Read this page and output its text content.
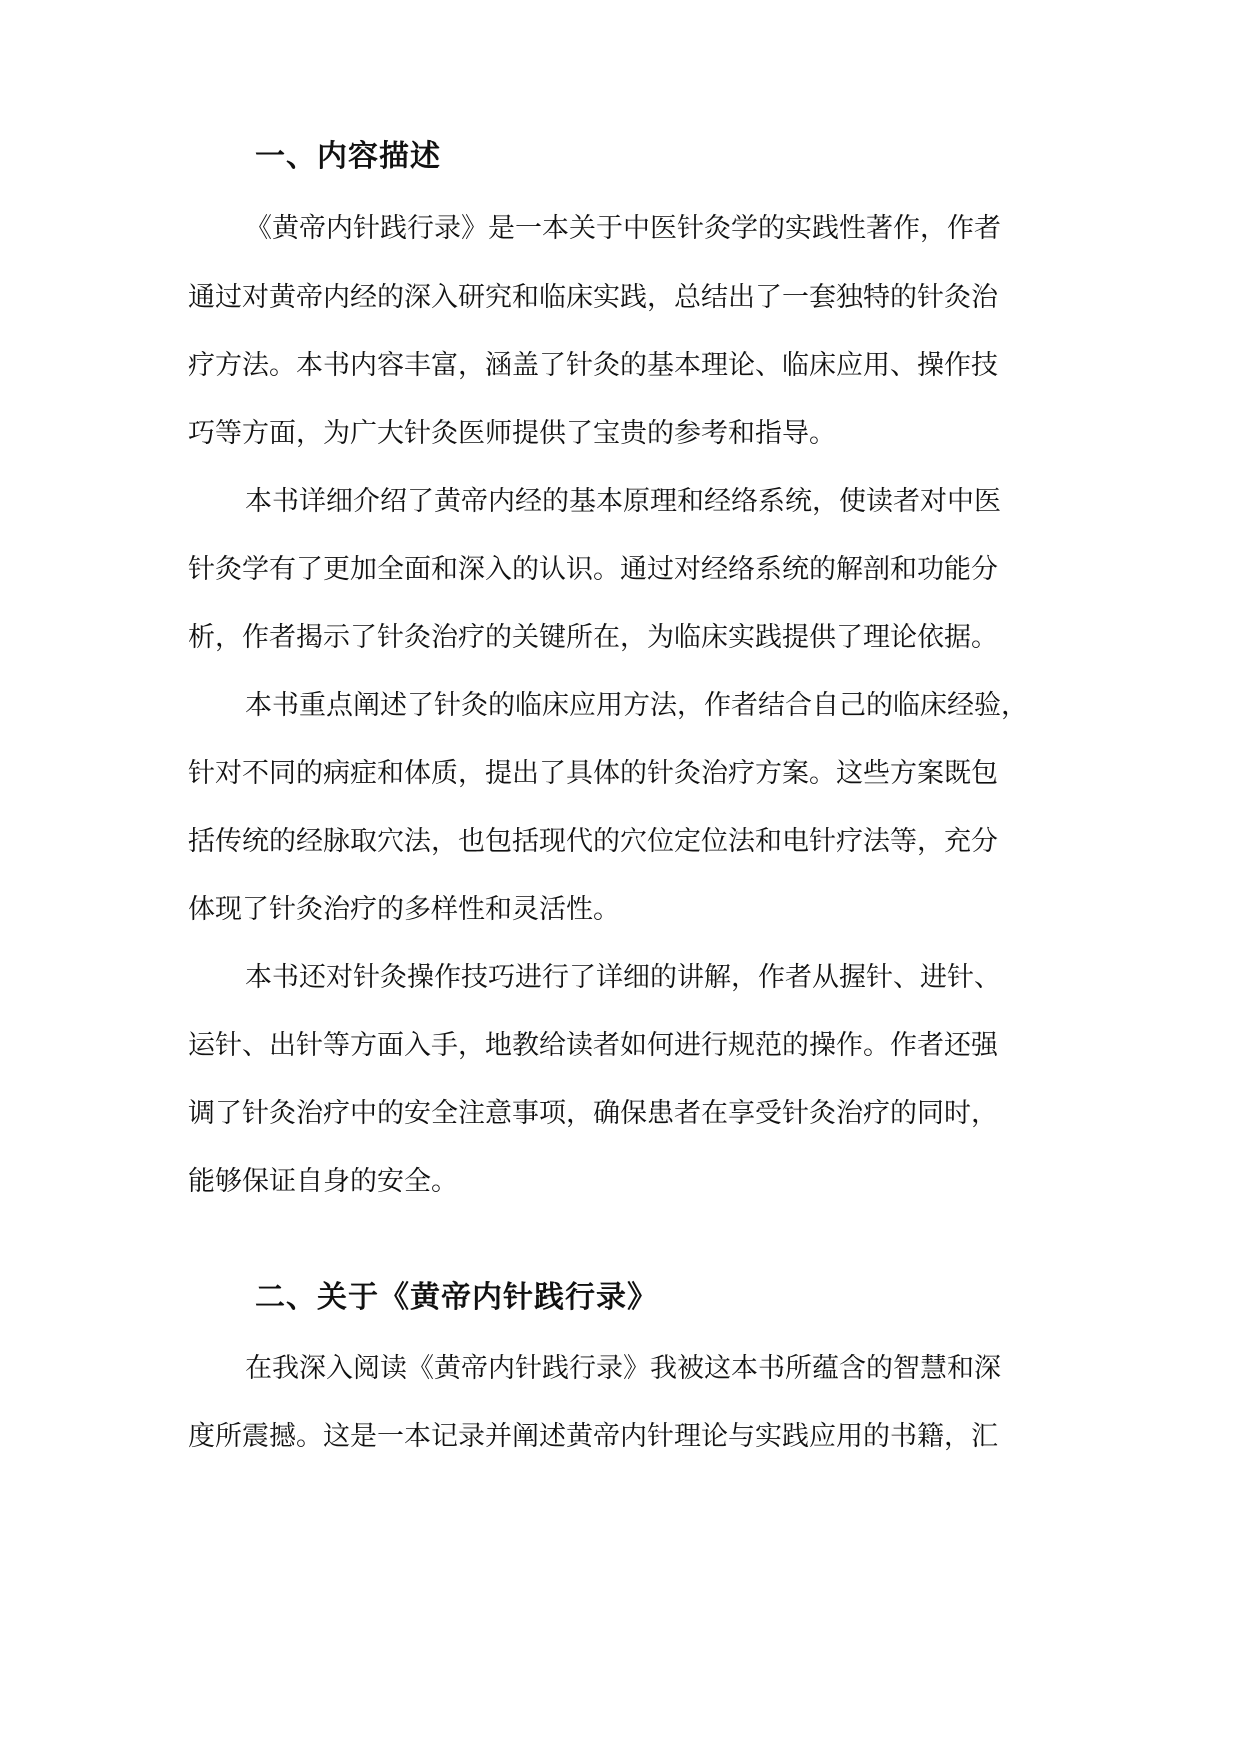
一、内容描述
《黄帝内针践行录》是一本关于中医针灸学的实践性著作，作者
通过对黄帝内经的深入研究和临床实践，总结出了一套独特的针灸治
疗方法。本书内容丰富，涵盖了针灸的基本理论、临床应用、操作技
巧等方面，为广大针灸医师提供了宝贵的参考和指导。
本书详细介绍了黄帝内经的基本原理和经络系统，使读者对中医
针灸学有了更加全面和深入的认识。通过对经络系统的解剖和功能分
析，作者揭示了针灸治疗的关键所在，为临床实践提供了理论依据。
本书重点阐述了针灸的临床应用方法，作者结合自己的临床经验，
针对不同的病症和体质，提出了具体的针灸治疗方案。这些方案既包
括传统的经脉取穴法，也包括现代的穴位定位法和电针疗法等，充分
体现了针灸治疗的多样性和灵活性。
本书还对针灸操作技巧进行了详细的讲解，作者从握针、进针、
运针、出针等方面入手，地教给读者如何进行规范的操作。作者还强
调了针灸治疗中的安全注意事项，确保患者在享受针灸治疗的同时，
能够保证自身的安全。
二、关于《黄帝内针践行录》
在我深入阅读《黄帝内针践行录》我被这本书所蕴含的智慧和深
度所震撼。这是一本记录并阐述黄帝内针理论与实践应用的书籍，汇
